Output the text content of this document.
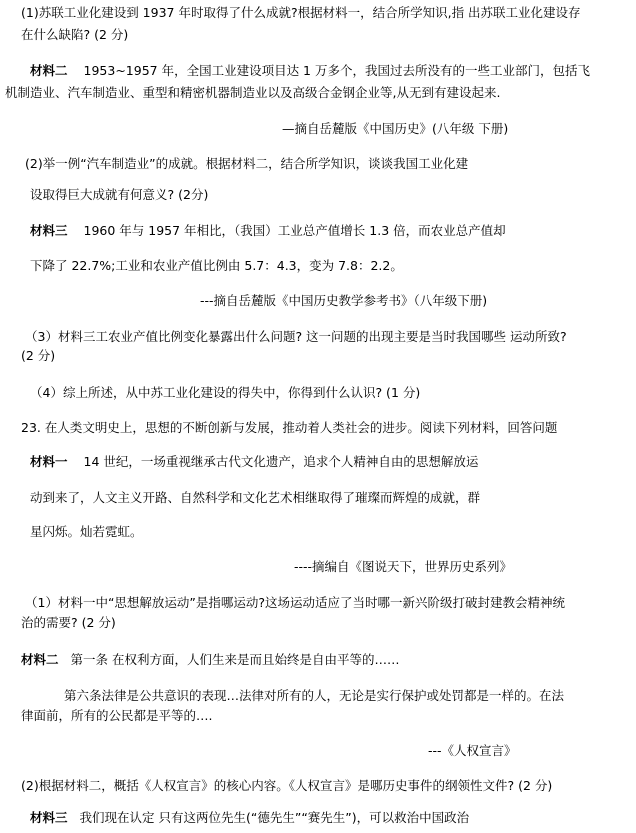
(1)苏联工业化建设到 1937 年时取得了什么成就?根据材料一，结合所学知识,指 出苏联工业化建设存
在什么缺陷? (2 分)
材料二 1953~1957 年，全国工业建设项目达 1 万多个，我国过去所没有的一些工业部门，包括飞
机制造业、汽车制造业、重型和精密机器制造业以及高级合金钢企业等,从无到有建设起来.
—摘自岳麓版《中国历史》(八年级 下册)
(2)举一例“汽车制造业”的成就。根据材料二，结合所学知识，谈谈我国工业化建
设取得巨大成就有何意义? (2分)
材料三 1960 年与 1957 年相比，（我国）工业总产值增长 1.3 倍，而农业总产值却
下降了 22.7%;工业和农业产值比例由 5.7：4.3，变为 7.8：2.2。
---摘自岳麓版《中国历史教学参考书》（八年级下册)
（3）材料三工农业产值比例变化暴露出什么问题? 这一问题的出现主要是当时我国哪些 运动所致?
(2 分)
（4）综上所述，从中苏工业化建设的得失中，你得到什么认识? (1 分)
23. 在人类文明史上，思想的不断创新与发展，推动着人类社会的进步。阅读下列材料，回答问题
材料一 14 世纪，一场重视继承古代文化遗产，追求个人精神自由的思想解放运
动到来了，人文主义开路、自然科学和文化艺术相继取得了璀璨而辉煌的成就，群
星闪烁。灿若霓虹。
----摘编自《图说天下，世界历史系列》
（1）材料一中“思想解放运动”是指哪运动?这场运动适应了当时哪一新兴阶级打破封建教会精神统
治的需要? (2 分)
材料二 第一条 在权利方面，人们生来是而且始终是自由平等的……
第六条法律是公共意识的表现…法律对所有的人，无论是实行保护或处罚都是一样的。在法
律面前，所有的公民都是平等的….
---《人权宣言》
(2)根据材料二，概括《人权宣言》的核心内容。《人权宣言》是哪历史事件的纲领性文件? (2 分)
材料三 我们现在认定 只有这两位先生(“德先生”“赛先生”)，可以救治中国政治
